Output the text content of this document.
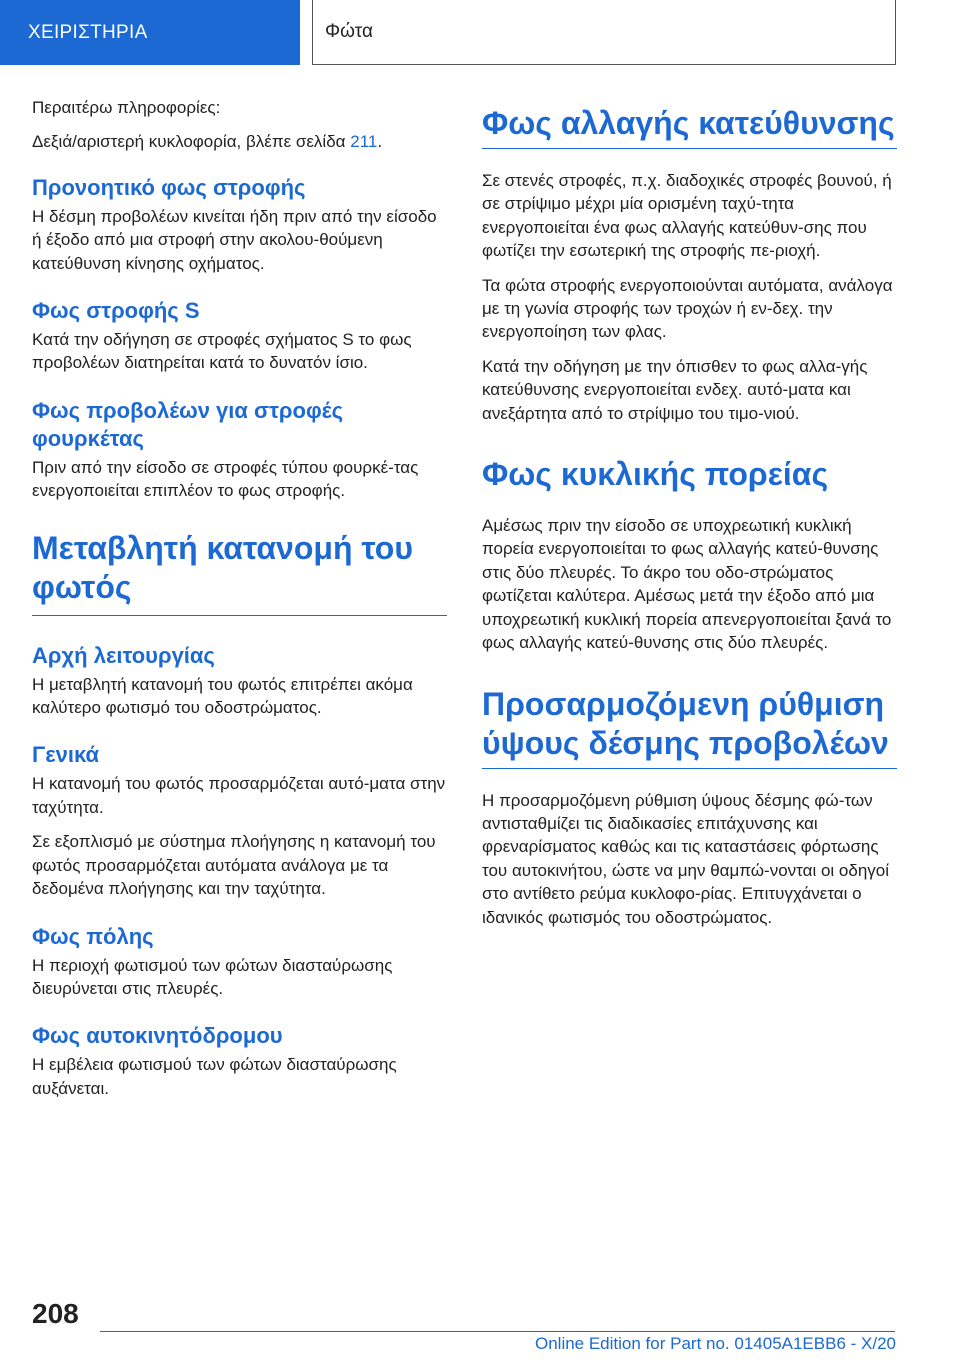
ΧΕΙΡΙΣΤΗΡΙΑ	Φώτα

Περαιτέρω πληροφορίες:

Δεξιά/αριστερή κυκλοφορία, βλέπε σελίδα 211.

Προνοητικό φως στροφής

Η δέσμη προβολέων κινείται ήδη πριν από την είσοδο ή έξοδο από μια στροφή στην ακολου-θούμενη κατεύθυνση κίνησης οχήματος.

Φως στροφής S

Κατά την οδήγηση σε στροφές σχήματος S το φως προβολέων διατηρείται κατά το δυνατόν ίσιο.

Φως προβολέων για στροφές φουρκέτας

Πριν από την είσοδο σε στροφές τύπου φουρκέ-τας ενεργοποιείται επιπλέον το φως στροφής.

Μεταβλητή κατανομή του φωτός
Αρχή λειτουργίας

Η μεταβλητή κατανομή του φωτός επιτρέπει ακόμα καλύτερο φωτισμό του οδοστρώματος.

Γενικά

Η κατανομή του φωτός προσαρμόζεται αυτό-ματα στην ταχύτητα.

Σε εξοπλισμό με σύστημα πλοήγησης η κατανομή του φωτός προσαρμόζεται αυτόματα ανάλογα με τα δεδομένα πλοήγησης και την ταχύτητα.

Φως πόλης

Η περιοχή φωτισμού των φώτων διασταύρωσης διευρύνεται στις πλευρές.

Φως αυτοκινητόδρομου

Η εμβέλεια φωτισμού των φώτων διασταύρωσης αυξάνεται.

Φως αλλαγής κατεύθυνσης

Σε στενές στροφές, π.χ. διαδοχικές στροφές βουνού, ή σε στρίψιμο μέχρι μία ορισμένη ταχύ-τητα ενεργοποιείται ένα φως αλλαγής κατεύθυν-σης που φωτίζει την εσωτερική της στροφής πε-ριοχή.

Τα φώτα στροφής ενεργοποιούνται αυτόματα, ανάλογα με τη γωνία στροφής των τροχών ή εν-δεχ. την ενεργοποίηση των φλας.

Κατά την οδήγηση με την όπισθεν το φως αλλα-γής κατεύθυνσης ενεργοποιείται ενδεχ. αυτό-ματα και ανεξάρτητα από το στρίψιμο του τιμο-νιού.

Φως κυκλικής πορείας

Αμέσως πριν την είσοδο σε υποχρεωτική κυκλική πορεία ενεργοποιείται το φως αλλαγής κατεύ-θυνσης στις δύο πλευρές. Το άκρο του οδο-στρώματος φωτίζεται καλύτερα. Αμέσως μετά την έξοδο από μια υποχρεωτική κυκλική πορεία απενεργοποιείται ξανά το φως αλλαγής κατεύ-θυνσης στις δύο πλευρές.

Προσαρμοζόμενη ρύθμιση ύψους δέσμης προβολέων

Η προσαρμοζόμενη ρύθμιση ύψους δέσμης φώ-των αντισταθμίζει τις διαδικασίες επιτάχυνσης και φρεναρίσματος καθώς και τις καταστάσεις φόρτωσης του αυτοκινήτου, ώστε να μην θαμπώ-νονται οι οδηγοί στο αντίθετο ρεύμα κυκλοφο-ρίας. Επιτυγχάνεται ο ιδανικός φωτισμός του οδοστρώματος.

208
Online Edition for Part no. 01405A1EBB6 - X/20
